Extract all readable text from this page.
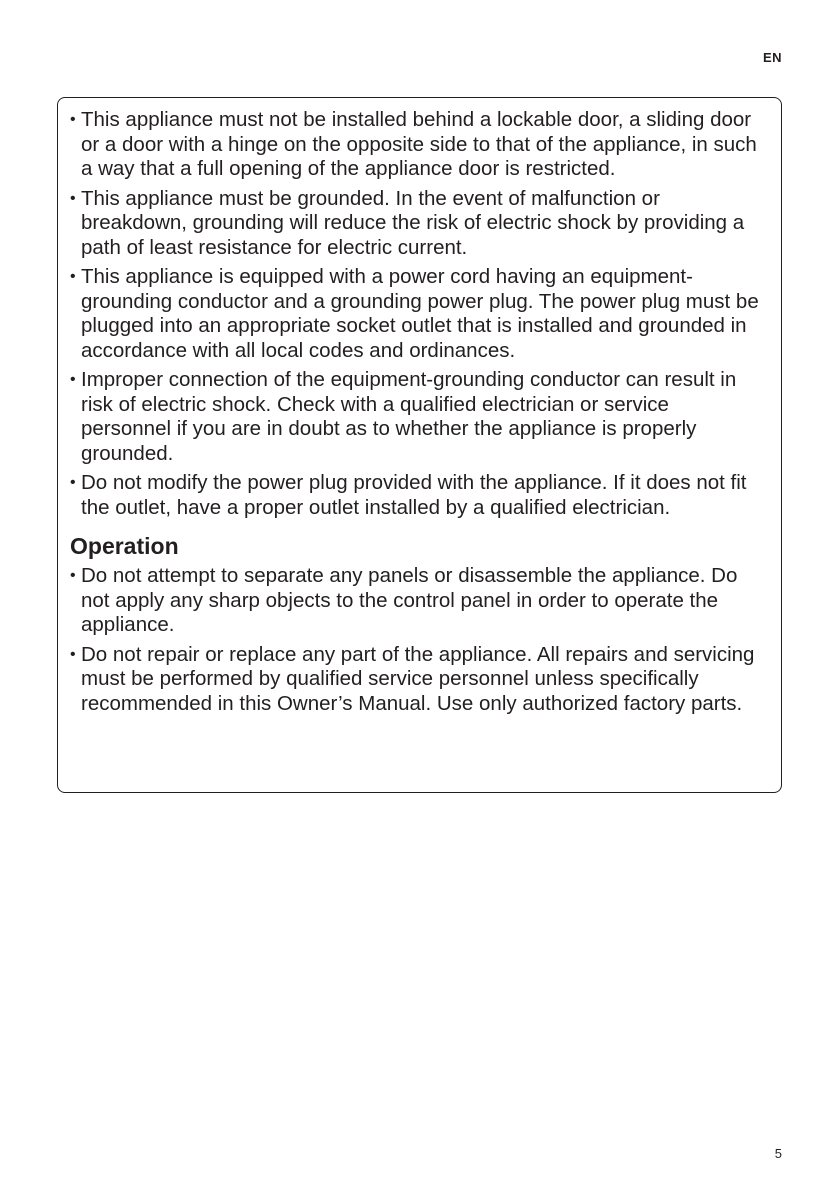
EN
• This appliance must not be installed behind a lockable door, a sliding door or a door with a hinge on the opposite side to that of the appliance, in such a way that a full opening of the appliance door is restricted.
• This appliance must be grounded. In the event of malfunction or breakdown, grounding will reduce the risk of electric shock by providing a path of least resistance for electric current.
• This appliance is equipped with a power cord having an equipment-grounding conductor and a grounding power plug. The power plug must be plugged into an appropriate socket outlet that is installed and grounded in accordance with all local codes and ordinances.
• Improper connection of the equipment-grounding conductor can result in risk of electric shock. Check with a qualified electrician or service personnel if you are in doubt as to whether the appliance is properly grounded.
• Do not modify the power plug provided with the appliance. If it does not fit the outlet, have a proper outlet installed by a qualified electrician.
Operation
• Do not attempt to separate any panels or disassemble the appliance. Do not apply any sharp objects to the control panel in order to operate the appliance.
• Do not repair or replace any part of the appliance. All repairs and servicing must be performed by qualified service personnel unless specifically recommended in this Owner’s Manual. Use only authorized factory parts.
5
